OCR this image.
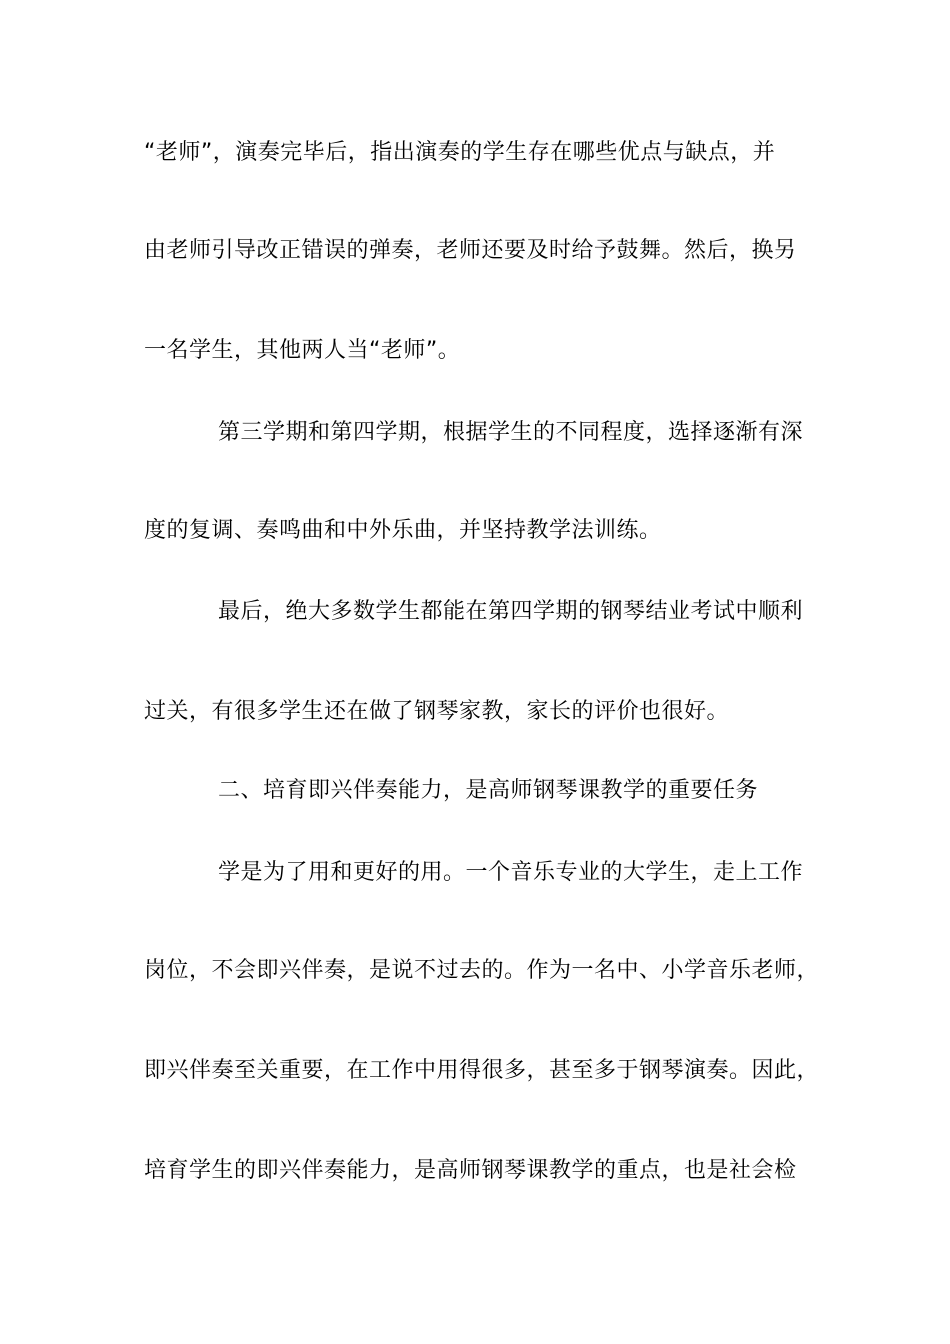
“老师”，演奏完毕后，指出演奏的学生存在哪些优点与缺点，并
由老师引导改正错误的弹奏，老师还要及时给予鼓舞。然后，换另
一名学生，其他两人当“老师”。
第三学期和第四学期，根据学生的不同程度，选择逐渐有深
度的复调、奏鸣曲和中外乐曲，并坚持教学法训练。
最后，绝大多数学生都能在第四学期的钢琴结业考试中顺利
过关，有很多学生还在做了钢琴家教，家长的评价也很好。
二、培育即兴伴奏能力，是高师钢琴课教学的重要任务
学是为了用和更好的用。一个音乐专业的大学生，走上工作
岗位，不会即兴伴奏，是说不过去的。作为一名中、小学音乐老师，
即兴伴奏至关重要，在工作中用得很多，甚至多于钢琴演奏。因此，
培育学生的即兴伴奏能力，是高师钢琴课教学的重点，也是社会检
